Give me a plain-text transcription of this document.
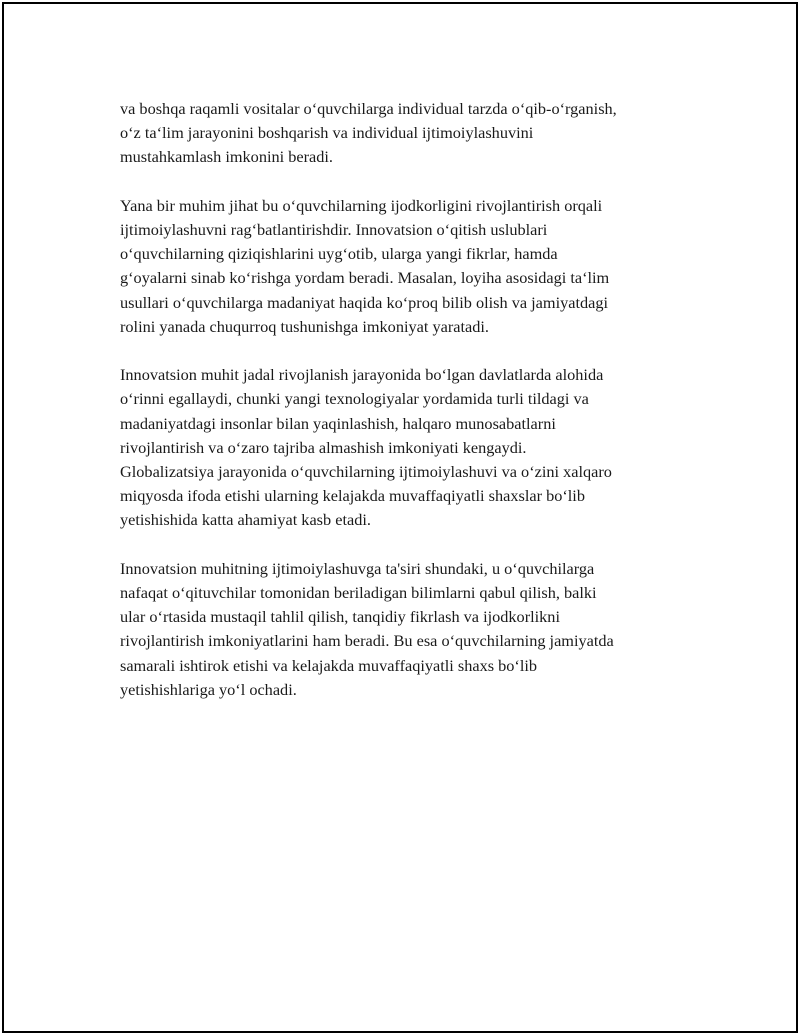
va boshqa raqamli vositalar o‘quvchilarga individual tarzda o‘qib-o‘rganish,
o‘z ta‘lim jarayonini boshqarish va individual ijtimoiylashuvini
mustahkamlash imkonini beradi.

Yana bir muhim jihat bu o‘quvchilarning ijodkorligini rivojlantirish orqali
ijtimoiylashuvni rag‘batlantirishdir. Innovatsion o‘qitish uslublari
o‘quvchilarning qiziqishlarini uyg‘otib, ularga yangi fikrlar, hamda
g‘oyalarni sinab ko‘rishga yordam beradi. Masalan, loyiha asosidagi ta‘lim
usullari o‘quvchilarga madaniyat haqida ko‘proq bilib olish va jamiyatdagi
rolini yanada chuqurroq tushunishga imkoniyat yaratadi.

Innovatsion muhit jadal rivojlanish jarayonida bo‘lgan davlatlarda alohida
o‘rinni egallaydi, chunki yangi texnologiyalar yordamida turli tildagi va
madaniyatdagi insonlar bilan yaqinlashish, halqaro munosabatlarni
rivojlantirish va o‘zaro tajriba almashish imkoniyati kengaydi.
Globalizatsiya jarayonida o‘quvchilarning ijtimoiylashuvi va o‘zini xalqaro
miqyosda ifoda etishi ularning kelajakda muvaffaqiyatli shaxslar bo‘lib
yetishishida katta ahamiyat kasb etadi.

Innovatsion muhitning ijtimoiylashuvga ta'siri shundaki, u o‘quvchilarga
nafaqat o‘qituvchilar tomonidan beriladigan bilimlarni qabul qilish, balki
ular o‘rtasida mustaqil tahlil qilish, tanqidiy fikrlash va ijodkorlikni
rivojlantirish imkoniyatlarini ham beradi. Bu esa o‘quvchilarning jamiyatda
samarali ishtirok etishi va kelajakda muvaffaqiyatli shaxs bo‘lib
yetishishlariga yo‘l ochadi.
